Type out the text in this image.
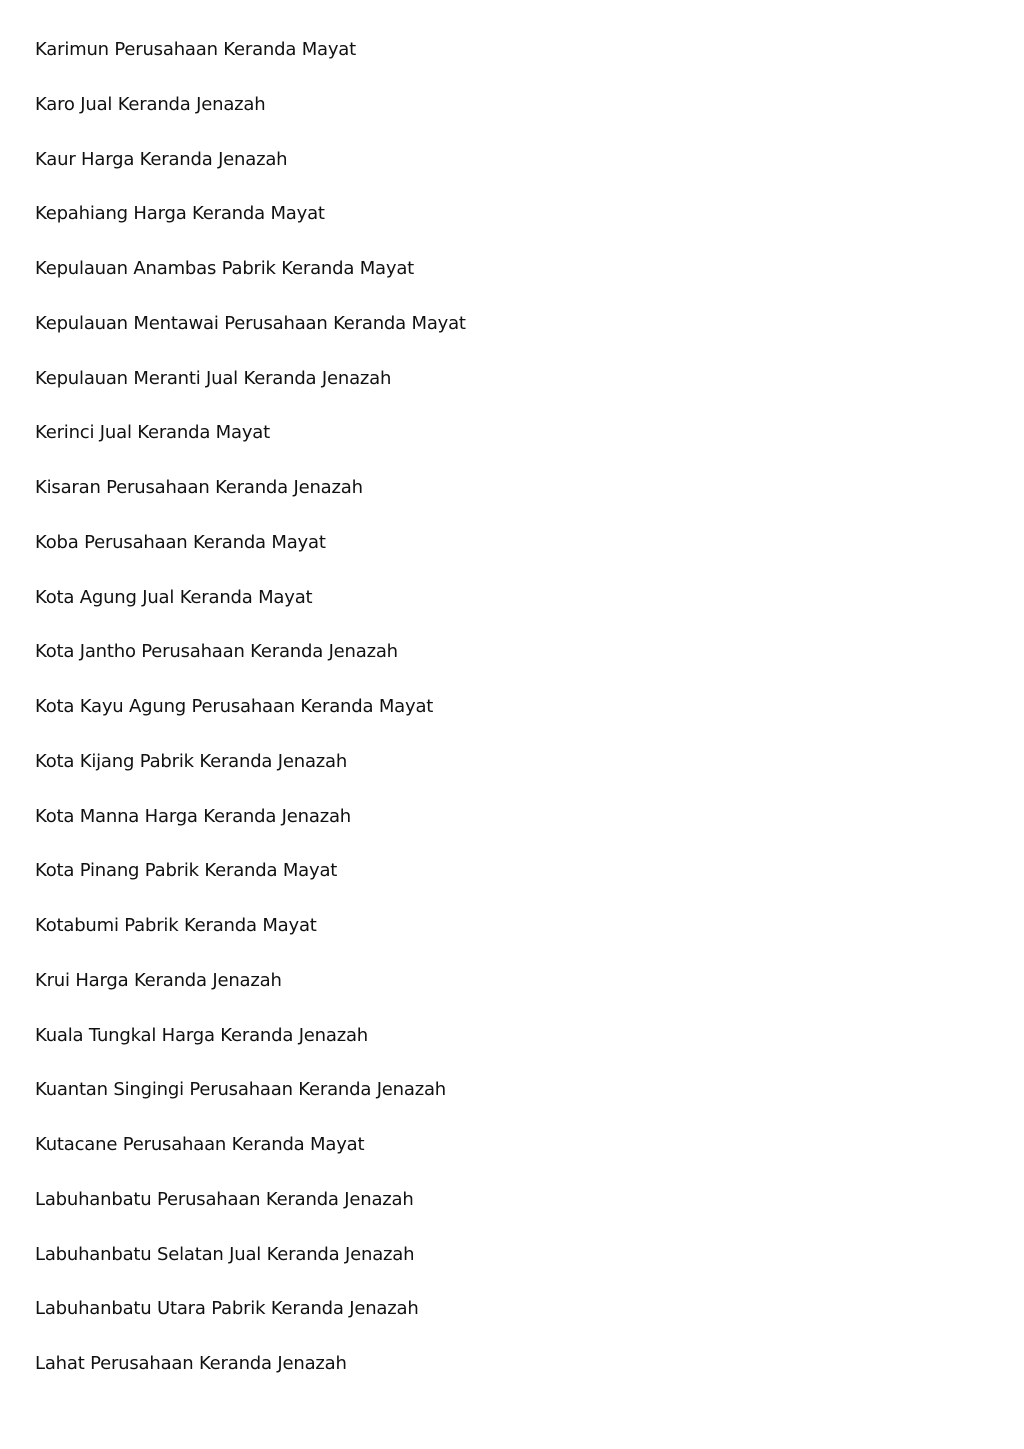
Karimun Perusahaan Keranda Mayat
Karo Jual Keranda Jenazah
Kaur Harga Keranda Jenazah
Kepahiang Harga Keranda Mayat
Kepulauan Anambas Pabrik Keranda Mayat
Kepulauan Mentawai Perusahaan Keranda Mayat
Kepulauan Meranti Jual Keranda Jenazah
Kerinci Jual Keranda Mayat
Kisaran Perusahaan Keranda Jenazah
Koba Perusahaan Keranda Mayat
Kota Agung Jual Keranda Mayat
Kota Jantho Perusahaan Keranda Jenazah
Kota Kayu Agung Perusahaan Keranda Mayat
Kota Kijang Pabrik Keranda Jenazah
Kota Manna Harga Keranda Jenazah
Kota Pinang Pabrik Keranda Mayat
Kotabumi Pabrik Keranda Mayat
Krui Harga Keranda Jenazah
Kuala Tungkal Harga Keranda Jenazah
Kuantan Singingi Perusahaan Keranda Jenazah
Kutacane Perusahaan Keranda Mayat
Labuhanbatu Perusahaan Keranda Jenazah
Labuhanbatu Selatan Jual Keranda Jenazah
Labuhanbatu Utara Pabrik Keranda Jenazah
Lahat Perusahaan Keranda Jenazah
